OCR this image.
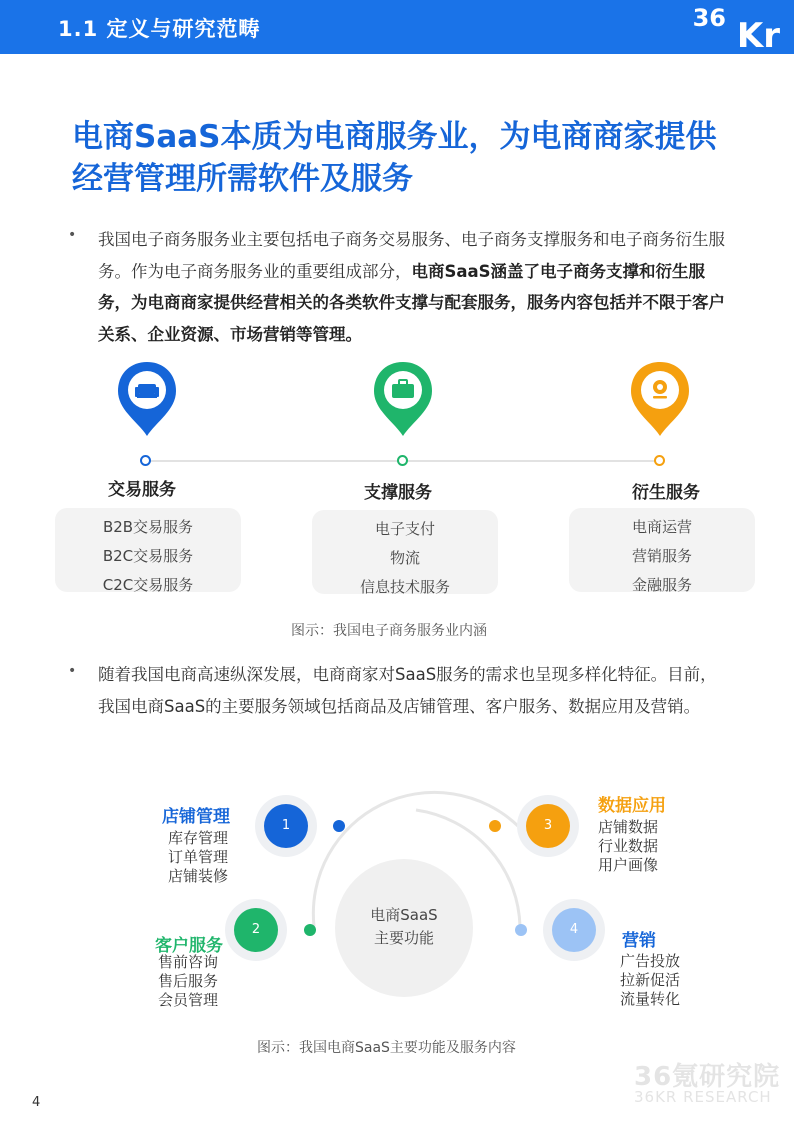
1.1 定义与研究范畴	36 Kr
电商SaaS本质为电商服务业，为电商商家提供
经营管理所需软件及服务
• 我国电子商务服务业主要包括电子商务交易服务、电子商务支撑服务和电子商务衍生服务。作为电子商务服务业的重要组成部分，电商SaaS涵盖了电子商务支撑和衍生服务，为电商商家提供经营相关的各类软件支撑与配套服务，服务内容包括并不限于客户关系、企业资源、市场营销等管理。
交易服务	支撑服务	衍生服务
B2B交易服务
B2C交易服务
C2C交易服务
电子支付
物流
信息技术服务
电商运营
营销服务
金融服务
图示：我国电子商务服务业内涵
• 随着我国电商高速纵深发展，电商商家对SaaS服务的需求也呈现多样化特征。目前，我国电商SaaS的主要服务领域包括商品及店铺管理、客户服务、数据应用及营销。
电商SaaS
主要功能
1
店铺管理
库存管理
订单管理
店铺装修
2
客户服务
售前咨询
售后服务
会员管理
3
数据应用
店铺数据
行业数据
用户画像
4
营销
广告投放
拉新促活
流量转化
图示：我国电商SaaS主要功能及服务内容
4
36氪研究院
36KR RESEARCH
